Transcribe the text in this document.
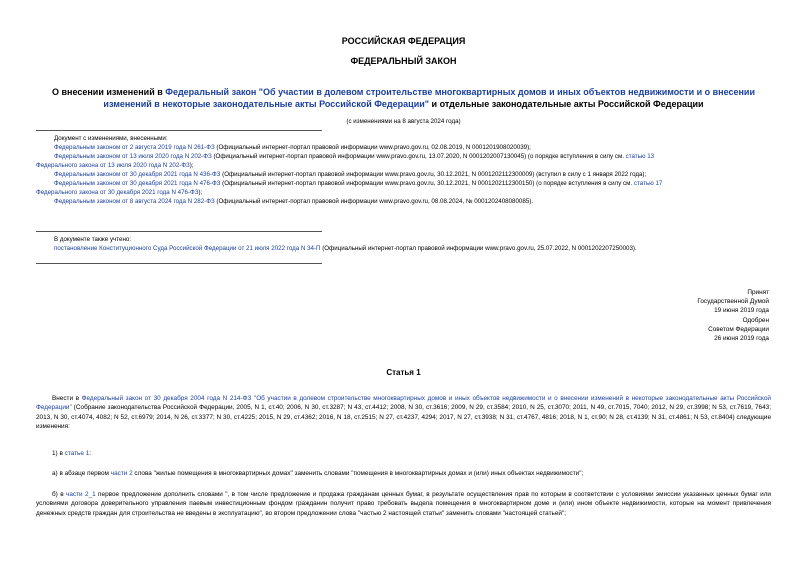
РОССИЙСКАЯ ФЕДЕРАЦИЯ
ФЕДЕРАЛЬНЫЙ ЗАКОН
О внесении изменений в Федеральный закон "Об участии в долевом строительстве многоквартирных домов и иных объектов недвижимости и о внесении изменений в некоторые законодательные акты Российской Федерации" и отдельные законодательные акты Российской Федерации
(с изменениями на 8 августа 2024 года)
Документ с изменениями, внесенными:
Федеральным законом от 2 августа 2019 года N 261-ФЗ (Официальный интернет-портал правовой информации www.pravo.gov.ru, 02.08.2019, N 0001201908020039);
Федеральным законом от 13 июля 2020 года N 202-ФЗ (Официальный интернет-портал правовой информации www.pravo.gov.ru, 13.07.2020, N 0001202007130045) (о порядке вступления в силу см. статью 13
Федерального закона от 13 июля 2020 года N 202-ФЗ);
Федеральным законом от 30 декабря 2021 года N 436-ФЗ (Официальный интернет-портал правовой информации www.pravo.gov.ru, 30.12.2021, N 0001202112300009) (вступил в силу с 1 января 2022 года);
Федеральным законом от 30 декабря 2021 года N 476-ФЗ (Официальный интернет-портал правовой информации www.pravo.gov.ru, 30.12.2021, N 0001202112300150) (о порядке вступления в силу см. статью 17
Федерального закона от 30 декабря 2021 года N 476-ФЗ);
Федеральным законом от 8 августа 2024 года N 282-ФЗ (Официальный интернет-портал правовой информации www.pravo.gov.ru, 08.08.2024, № 0001202408080085).
В документе также учтено:
постановление Конституционного Суда Российской Федерации от 21 июля 2022 года N 34-П (Официальный интернет-портал правовой информации www.pravo.gov.ru, 25.07.2022, N 0001202207250003).
Принят
Государственной Думой
19 июня 2019 года
Одобрен
Советом Федерации
26 июня 2019 года
Статья 1
Внести в Федеральный закон от 30 декабря 2004 года N 214-ФЗ "Об участии в долевом строительстве многоквартирных домов и иных объектов недвижимости и о внесении изменений в некоторые законодательные акты Российской Федерации" (Собрание законодательства Российской Федерации, 2005, N 1, ст.40; 2006, N 30, ст.3287; N 43, ст.4412; 2008, N 30, ст.3616; 2009, N 29, ст.3584; 2010, N 25, ст.3070; 2011, N 49, ст.7015, 7040; 2012, N 29, ст.3998; N 53, ст.7619, 7643; 2013, N 30, ст.4074, 4082; N 52, ст.6979; 2014, N 26, ст.3377; N 30, ст.4225; 2015, N 29, ст.4362; 2016, N 18, ст.2515; N 27, ст.4237, 4294; 2017, N 27, ст.3938; N 31, ст.4767, 4816; 2018, N 1, ст.90; N 28, ст.4139; N 31, ст.4861; N 53, ст.8404) следующие изменения:
1) в статье 1:
а) в абзаце первом части 2 слова "жилые помещения в многоквартирных домах" заменить словами "помещения в многоквартирных домах и (или) иных объектах недвижимости";
б) в части 2_1 первое предложение дополнить словами ", в том числе предложение и продажа гражданам ценных бумаг, в результате осуществления прав по которым в соответствии с условиями эмиссии указанных ценных бумаг или условиями договора доверительного управления паевым инвестиционным фондом гражданин получит право требовать выдела помещения в многоквартирном доме и (или) ином объекте недвижимости, которые на момент привлечения денежных средств граждан для строительства не введены в эксплуатацию", во втором предложении слова "частью 2 настоящей статьи" заменить словами "настоящей статьей";
